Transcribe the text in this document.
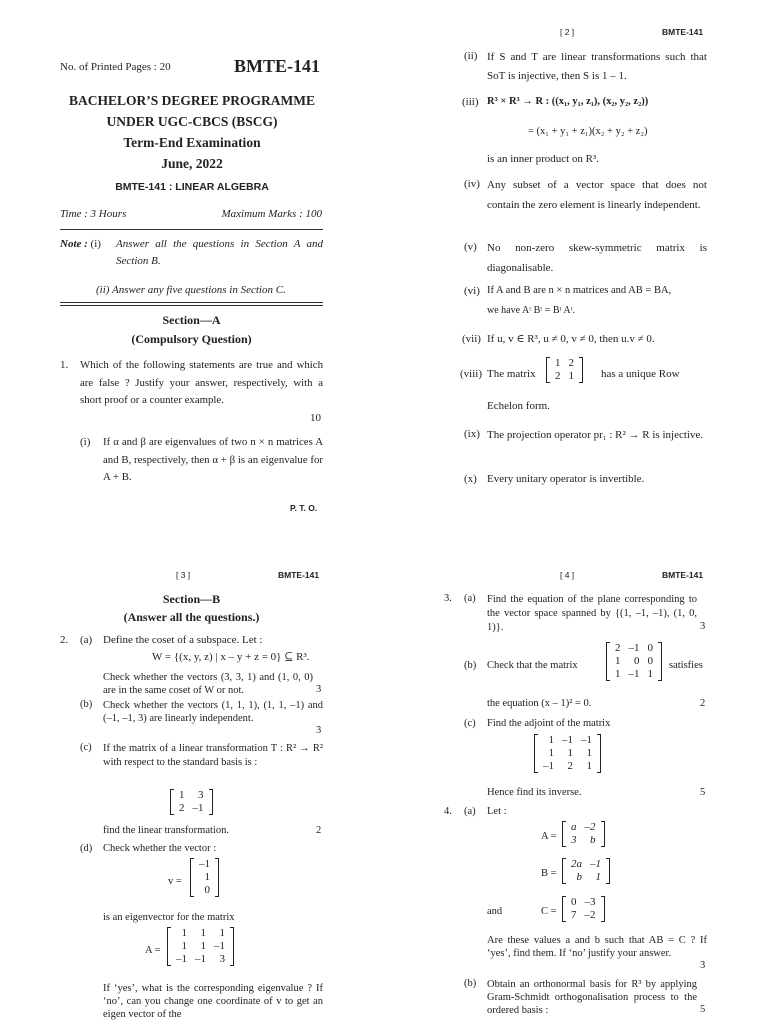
No. of Printed Pages : 20	BMTE-141
BACHELOR’S DEGREE PROGRAMME
UNDER UGC-CBCS (BSCG)
Term-End Examination
June, 2022
BMTE-141 : LINEAR ALGEBRA
Time : 3 Hours	Maximum Marks : 100
Note : (i)	Answer all the questions in Section A and Section B.
(ii) Answer any five questions in Section C.
Section—A
(Compulsory Question)
1. Which of the following statements are true and which are false ? Justify your answer, respectively, with a short proof or a counter example.
10
(i) If α and β are eigenvalues of two n × n matrices A and B, respectively, then α + β is an eigenvalue for A + B.
P. T. O.
[ 2 ]	BMTE-141
(ii) If S and T are linear transformations such that SoT is injective, then S is 1 – 1.
(iii) R³ × R³ → R : ((x₁, y₁, z₁), (x₂, y₂, z₂))
= (x₁ + y₁ + z₁)(x₂ + y₂ + z₂)
is an inner product on R³.
(iv) Any subset of a vector space that does not contain the zero element is linearly independent.
(v) No non-zero skew-symmetric matrix is diagonalisable.
(vi) If A and B are n × n matrices and AB = BA,
we have Aᵗ Bᵗ = Bᵗ Aᵗ.
(vii) If u, v ∈ R³, u ≠ 0, v ≠ 0, then u.v ≠ 0.
(viii) The matrix
1	2
2	1 has a unique Row
Echelon form.
(ix) The projection operator pr₁ : R² → R is injective.
(x) Every unitary operator is invertible.
[ 3 ]	BMTE-141
Section—B
(Answer all the questions.)
2. (a) Define the coset of a subspace. Let :
W = {(x, y, z) | x – y + z = 0} ⊆ R³.
Check whether the vectors (3, 3, 1) and (1, 0, 0) are in the same coset of W or not.	3
(b) Check whether the vectors (1, 1, 1), (1, 1, –1) and (–1, –1, 3) are linearly independent.
3
(c) If the matrix of a linear transformation T : R² → R² with respect to the standard basis is :
1	3
2	–1
find the linear transformation.	2
(d) Check whether the vector :
v =
–1
1
0
is an eigenvector for the matrix
A =
1	1	1
1	1	–1
–1	–1	3
If ‘yes’, what is the corresponding eigenvalue ? If ‘no’, can you change one coordinate of v to get an eigen vector of the
[ 4 ]	BMTE-141
3. (a) Find the equation of the plane corresponding to the vector space spanned by {(1, –1, –1), (1, 0, 1)}.	3
(b) Check that the matrix
2	–1	0
1	0	0
1	–1	1
satisfies
the equation (x – 1)² = 0.	2
(c) Find the adjoint of the matrix
1	–1	–1
1	1	1
–1	2	1
Hence find its inverse.	5
4. (a) Let :
A =
a	–2
3	b
B =
2a	–1
b	1
and	C =
0	–3
7	–2
Are these values a and b such that AB = C ? If ‘yes’, find them. If ‘no’ justify your answer.
3
(b) Obtain an orthonormal basis for R³ by applying Gram-Schmidt orthogonalisation process to the ordered basis :	5
